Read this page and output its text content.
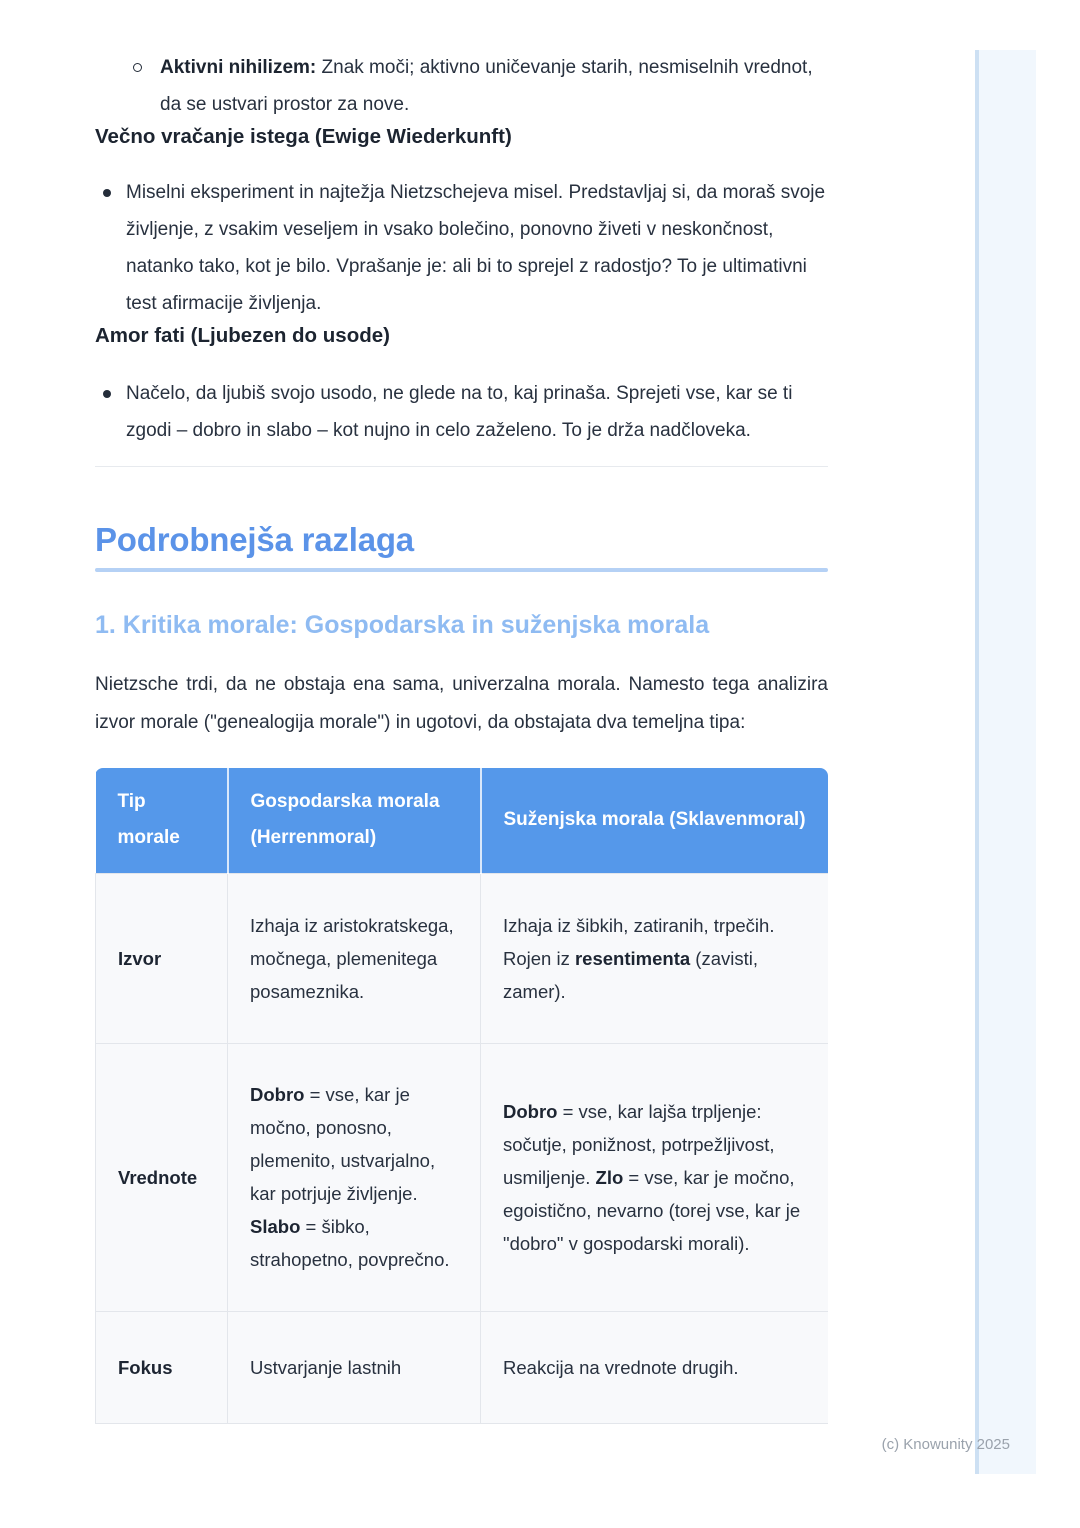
Aktivni nihilizem: Znak moči; aktivno uničevanje starih, nesmiselnih vrednot, da se ustvari prostor za nove.
Večno vračanje istega (Ewige Wiederkunft)
Miselni eksperiment in najtežja Nietzschejeva misel. Predstavljaj si, da moraš svoje življenje, z vsakim veseljem in vsako bolečino, ponovno živeti v neskončnost, natanko tako, kot je bilo. Vprašanje je: ali bi to sprejel z radostjo? To je ultimativni test afirmacije življenja.
Amor fati (Ljubezen do usode)
Načelo, da ljubiš svojo usodo, ne glede na to, kaj prinaša. Sprejeti vse, kar se ti zgodi – dobro in slabo – kot nujno in celo zaželeno. To je drža nadčloveka.
Podrobnejša razlaga
1. Kritika morale: Gospodarska in suženjska morala

Nietzsche trdi, da ne obstaja ena sama, univerzalna morala. Namesto tega analizira izvor morale ("genealogija morale") in ugotovi, da obstajata dva temeljna tipa:

Tip morale	Gospodarska morala (Herrenmoral)	Suženjska morala (Sklavenmoral)
Izvor	Izhaja iz aristokratskega, močnega, plemenitega posameznika.	Izhaja iz šibkih, zatiranih, trpečih. Rojen iz resentimenta (zavisti, zamer).
Vrednote	Dobro = vse, kar je močno, ponosno, plemenito, ustvarjalno, kar potrjuje življenje. Slabo = šibko, strahopetno, povprečno.	Dobro = vse, kar lajša trpljenje: sočutje, ponižnost, potrpežljivost, usmiljenje. Zlo = vse, kar je močno, egoistično, nevarno (torej vse, kar je "dobro" v gospodarski morali).
Fokus	Ustvarjanje lastnih	Reakcija na vrednote drugih.
(c) Knowunity 2025
